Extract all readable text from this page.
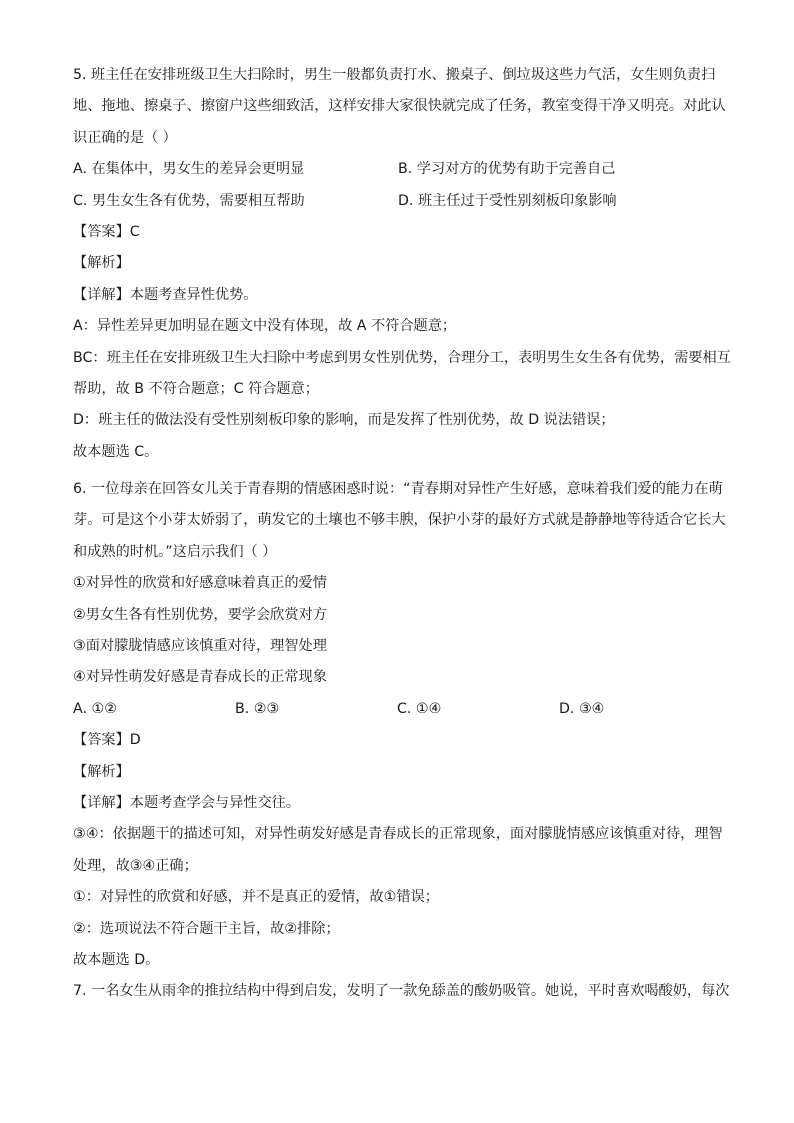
5. 班主任在安排班级卫生大扫除时，男生一般都负责打水、搬桌子、倒垃圾这些力气活，女生则负责扫
地、拖地、擦桌子、擦窗户这些细致活，这样安排大家很快就完成了任务，教室变得干净又明亮。对此认
识正确的是（ ）
A. 在集体中，男女生的差异会更明显	B. 学习对方的优势有助于完善自己
C. 男生女生各有优势，需要相互帮助	D. 班主任过于受性别刻板印象影响
【答案】C
【解析】
【详解】本题考查异性优势。
A：异性差异更加明显在题文中没有体现，故 A 不符合题意；
BC：班主任在安排班级卫生大扫除中考虑到男女性别优势，合理分工，表明男生女生各有优势，需要相互
帮助，故 B 不符合题意；C 符合题意；
D：班主任的做法没有受性别刻板印象的影响，而是发挥了性别优势，故 D 说法错误；
故本题选 C。
6. 一位母亲在回答女儿关于青春期的情感困惑时说：“青春期对异性产生好感，意味着我们爱的能力在萌
芽。可是这个小芽太娇弱了，萌发它的土壤也不够丰腴，保护小芽的最好方式就是静静地等待适合它长大
和成熟的时机。”这启示我们（ ）
①对异性的欣赏和好感意味着真正的爱情
②男女生各有性别优势，要学会欣赏对方
③面对朦胧情感应该慎重对待，理智处理
④对异性萌发好感是青春成长的正常现象
A. ①②	B. ②③	C. ①④	D. ③④
【答案】D
【解析】
【详解】本题考查学会与异性交往。
③④：依据题干的描述可知，对异性萌发好感是青春成长的正常现象，面对朦胧情感应该慎重对待，理智
处理，故③④正确；
①：对异性的欣赏和好感，并不是真正的爱情，故①错误；
②：选项说法不符合题干主旨，故②排除；
故本题选 D。
7. 一名女生从雨伞的推拉结构中得到启发，发明了一款免舔盖的酸奶吸管。她说，平时喜欢喝酸奶，每次
